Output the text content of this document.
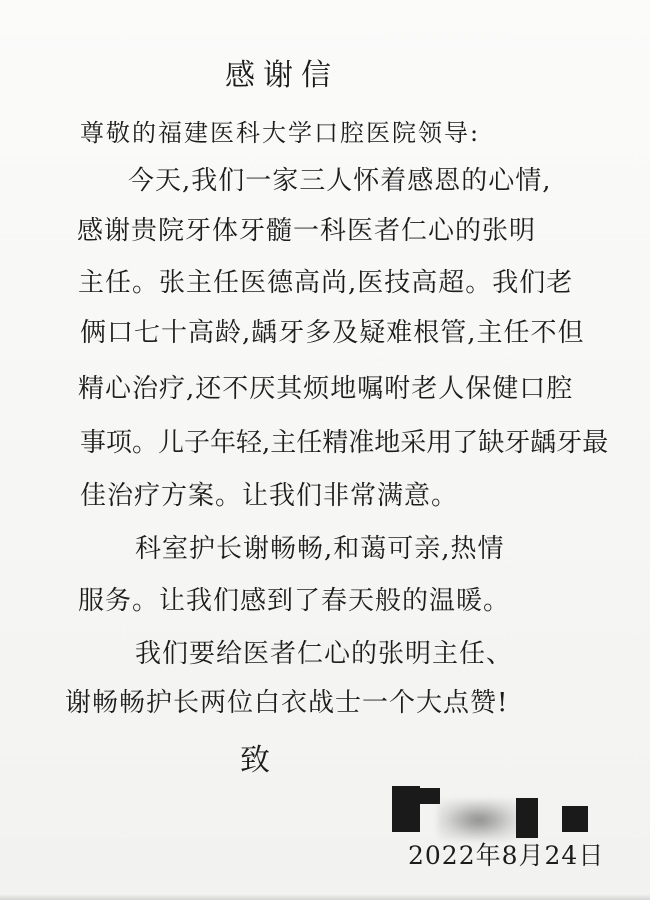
感谢信
尊敬的福建医科大学口腔医院领导:
今天,我们一家三人怀着感恩的心情,
感谢贵院牙体牙髓一科医者仁心的张明
主任。张主任医德高尚,医技高超。我们老
俩口七十高龄,龋牙多及疑难根管,主任不但
精心治疗,还不厌其烦地嘱咐老人保健口腔
事项。儿子年轻,主任精准地采用了缺牙龋牙最
佳治疗方案。让我们非常满意。
科室护长谢畅畅,和蔼可亲,热情
服务。让我们感到了春天般的温暖。
我们要给医者仁心的张明主任、
谢畅畅护长两位白衣战士一个大点赞!
致
2022年8月24日
